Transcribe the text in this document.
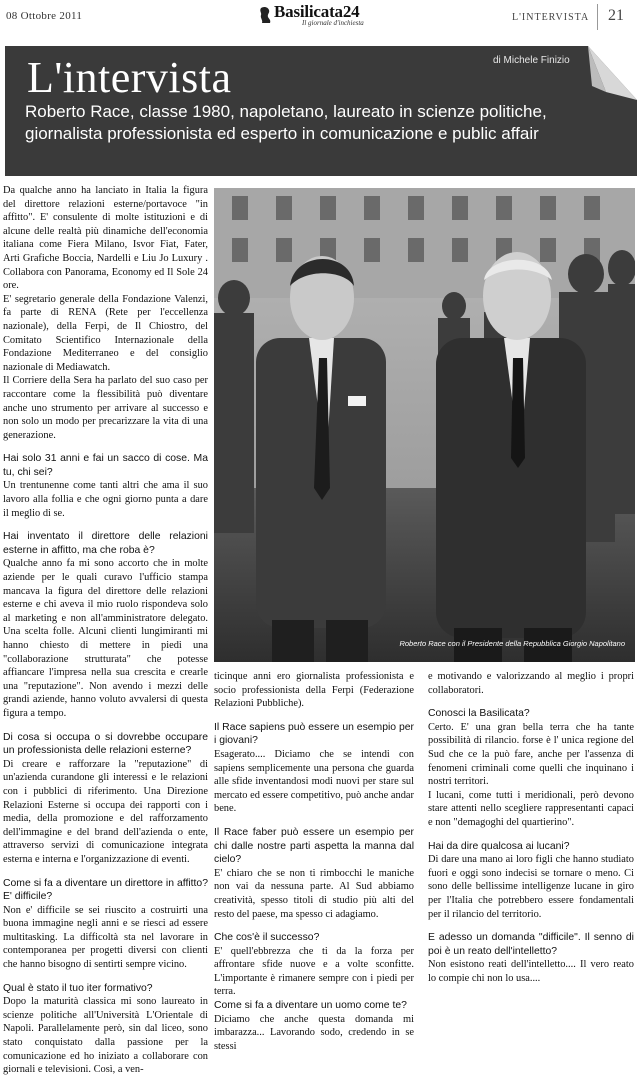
08 Ottobre 2011	Basilicata24
Il giornale d'inchiesta	L'INTERVISTA 21
L'intervista	di Michele Finizio
Roberto Race, classe 1980, napoletano, laureato in scienze politiche, giornalista professionista ed esperto in comunicazione e public affair

Da qualche anno ha lanciato in Italia la figura del direttore relazioni esterne/portavoce "in affitto". E' consulente di molte istituzioni e di alcune delle realtà più dinamiche dell'economia italiana come Fiera Milano, Isvor Fiat, Fater, Arti Grafiche Boccia, Nardelli e Liu Jo Luxury . Collabora con Panorama, Economy ed Il Sole 24 ore.

E' segretario generale della Fondazione Valenzi, fa parte di RENA (Rete per l'eccellenza nazionale), della Ferpi, de Il Chiostro, del Comitato Scientifico Internazionale della Fondazione Mediterraneo e del consiglio nazionale di Mediawatch.

Il Corriere della Sera ha parlato del suo caso per raccontare come la flessibilità può diventare anche uno strumento per arrivare al successo e non solo un modo per precarizzare la vita di una generazione.

Hai solo 31 anni e fai un sacco di cose. Ma tu, chi sei?

Un trentunenne come tanti altri che ama il suo lavoro alla follia e che ogni giorno punta a dare il meglio di se.

Hai inventato il direttore delle relazioni esterne in affitto, ma che roba è?

Qualche anno fa mi sono accorto che in molte aziende per le quali curavo l'ufficio stampa mancava la figura del direttore delle relazioni esterne e chi aveva il mio ruolo rispondeva solo al marketing e non all'amministratore delegato. Una scelta folle. Alcuni clienti lungimiranti mi hanno chiesto di mettere in piedi una "collaborazione strutturata" che potesse affiancare l'impresa nella sua crescita e crearle una "reputazione". Non avendo i mezzi delle grandi aziende, hanno voluto avvalersi di questa figura a tempo.

Di cosa si occupa o si dovrebbe occupare un professionista delle relazioni esterne?

Di creare e rafforzare la "reputazione" di un'azienda curandone gli interessi e le relazioni con i pubblici di riferimento. Una Direzione Relazioni Esterne si occupa dei rapporti con i media, della promozione e del rafforzamento dell'immagine e del brand dell'azienda o ente, attraverso servizi di comunicazione integrata esterna e interna e l'organizzazione di eventi.

Come si fa a diventare un direttore in affitto? E' difficile?

Non e' difficile se sei riuscito a costruirti una buona immagine negli anni e se riesci ad essere multitasking. La difficoltà sta nel lavorare in contemporanea per progetti diversi con clienti che hanno bisogno di sentirti sempre vicino.

Qual è stato il tuo iter formativo?

Dopo la maturità classica mi sono laureato in scienze politiche all'Università L'Orientale di Napoli. Parallelamente però, sin dal liceo, sono stato conquistato dalla passione per la comunicazione ed ho iniziato a collaborare con giornali e televisioni. Così, a ven-

Roberto Race con il Presidente della Repubblica Giorgio Napolitano

ticinque anni ero giornalista professionista e socio professionista della Ferpi (Federazione Relazioni Pubbliche).

Il Race sapiens può essere un esempio per i giovani?

Esagerato.... Diciamo che se intendi con sapiens semplicemente una persona che guarda alle sfide inventandosi modi nuovi per stare sul mercato ed essere competitivo, può anche andar bene.

Il Race faber può essere un esempio per chi dalle nostre parti aspetta la manna dal cielo?

E' chiaro che se non ti rimbocchi le maniche non vai da nessuna parte. Al Sud abbiamo creatività, spesso titoli di studio più alti del resto del paese, ma spesso ci adagiamo.

Che cos'è il successo?

E' quell'ebbrezza che ti da la forza per affrontare sfide nuove e a volte sconfitte. L'importante è rimanere sempre con i piedi per terra.

Come si fa a diventare un uomo come te?

Diciamo che anche questa domanda mi imbarazza... Lavorando sodo, credendo in se stessi

e motivando e valorizzando al meglio i propri collaboratori.

Conosci la Basilicata?

Certo. E' una gran bella terra che ha tante possibilità di rilancio. forse è l' unica regione del Sud che ce la può fare, anche per l'assenza di fenomeni criminali come quelli che inquinano i nostri territori.

I lucani, come tutti i meridionali, però devono stare attenti nello scegliere rappresentanti capaci e non "demagoghi del quartierino".

Hai da dire qualcosa ai lucani?

Di dare una mano ai loro figli che hanno studiato fuori e oggi sono indecisi se tornare o meno. Ci sono delle bellissime intelligenze lucane in giro per l'Italia che potrebbero essere fondamentali per il rilancio del territorio.

E adesso un domanda "difficile". Il senno di poi è un reato dell'intelletto?

Non esistono reati dell'intelletto.... Il vero reato lo compie chi non lo usa....
